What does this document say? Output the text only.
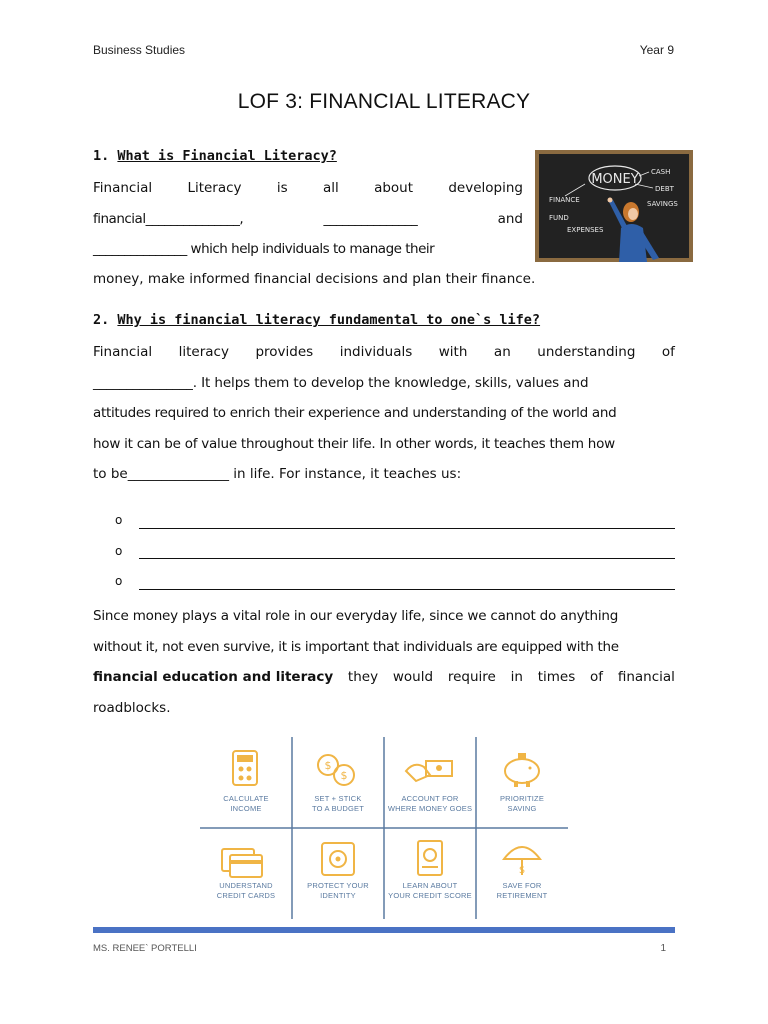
Business Studies	Year 9
LOF 3: FINANCIAL LITERACY
1. What is Financial Literacy?
Financial	Literacy	is	all	about	developing
financial_______________,	_______________	and
_______________ which help individuals to manage their
money, make informed financial decisions and plan their finance.
MONEY CASH
DEBT
FINANCE	SAVINGS
FUND
EXPENSES
2. Why is financial literacy fundamental to one`s life?
Financial literacy provides individuals with an understanding of
_______________. It helps them to develop the knowledge, skills, values and
attitudes required to enrich their experience and understanding of the world and
how it can be of value throughout their life. In other words, it teaches them how
to be_______________ in life. For instance, it teaches us:
o
o
o
Since money plays a vital role in our everyday life, since we cannot do anything
without it, not even survive, it is important that individuals are equipped with the
financial education and literacy they would require in times of financial
roadblocks.
$
$
CALCULATE
INCOME
SET + STICK
TO A BUDGET
ACCOUNT FOR
WHERE MONEY GOES
PRIORITIZE
SAVING
$
UNDERSTAND
CREDIT CARDS
PROTECT YOUR
IDENTITY
LEARN ABOUT
YOUR CREDIT SCORE
SAVE FOR
RETIREMENT
MS. RENEE` PORTELLI	1
